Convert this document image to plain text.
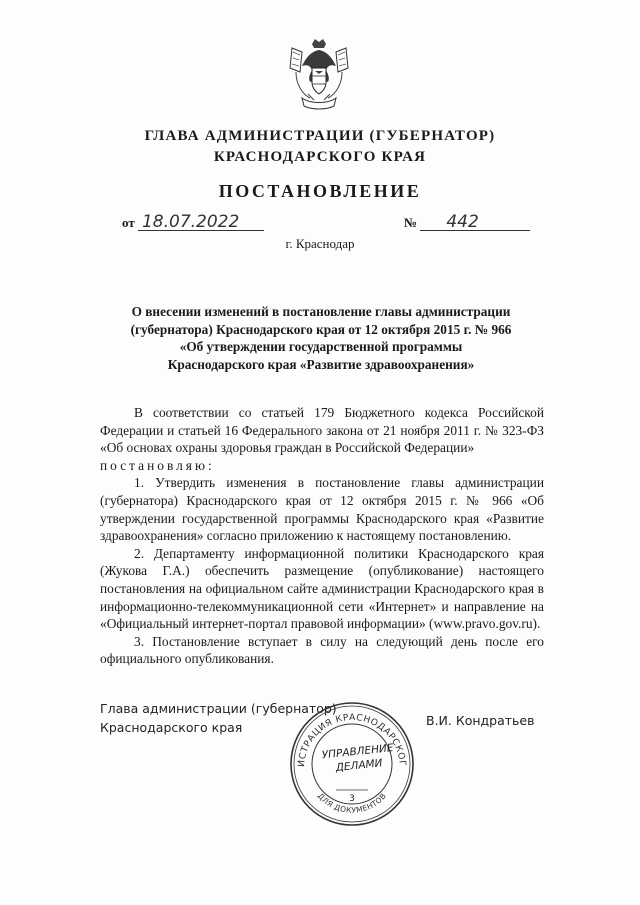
ГЛАВА АДМИНИСТРАЦИИ (ГУБЕРНАТОР)
КРАСНОДАРСКОГО КРАЯ
ПОСТАНОВЛЕНИЕ
от 18.07.2022	№ 442
г. Краснодар
О внесении изменений в постановление главы администрации
(губернатора) Краснодарского края от 12 октября 2015 г. № 966
«Об утверждении государственной программы
Краснодарского края «Развитие здравоохранения»

В соответствии со статьей 179 Бюджетного кодекса Российской Федерации и статьей 16 Федерального закона от 21 ноября 2011 г. № 323-ФЗ «Об основах охраны здоровья граждан в Российской Федерации»

постановляю:

1. Утвердить изменения в постановление главы администрации (губернатора) Краснодарского края от 12 октября 2015 г. № 966 «Об утверждении государственной программы Краснодарского края «Развитие здравоохранения» согласно приложению к настоящему постановлению.

2. Департаменту информационной политики Краснодарского края (Жукова Г.А.) обеспечить размещение (опубликование) настоящего постановления на официальном сайте администрации Краснодарского края в информационно-телекоммуникационной сети «Интернет» и направление на «Официальный интернет-портал правовой информации» (www.pravo.gov.ru).

3. Постановление вступает в силу на следующий день после его официального опубликования.

Глава администрации (губернатор)
Краснодарского края	В.И. Кондратьев
ИСТРАЦИЯ КРАСНОДАРСКОГ
ДЛЯ ДОКУМЕНТОВ
УПРАВЛЕНИЕ
ДЕЛАМИ
3
